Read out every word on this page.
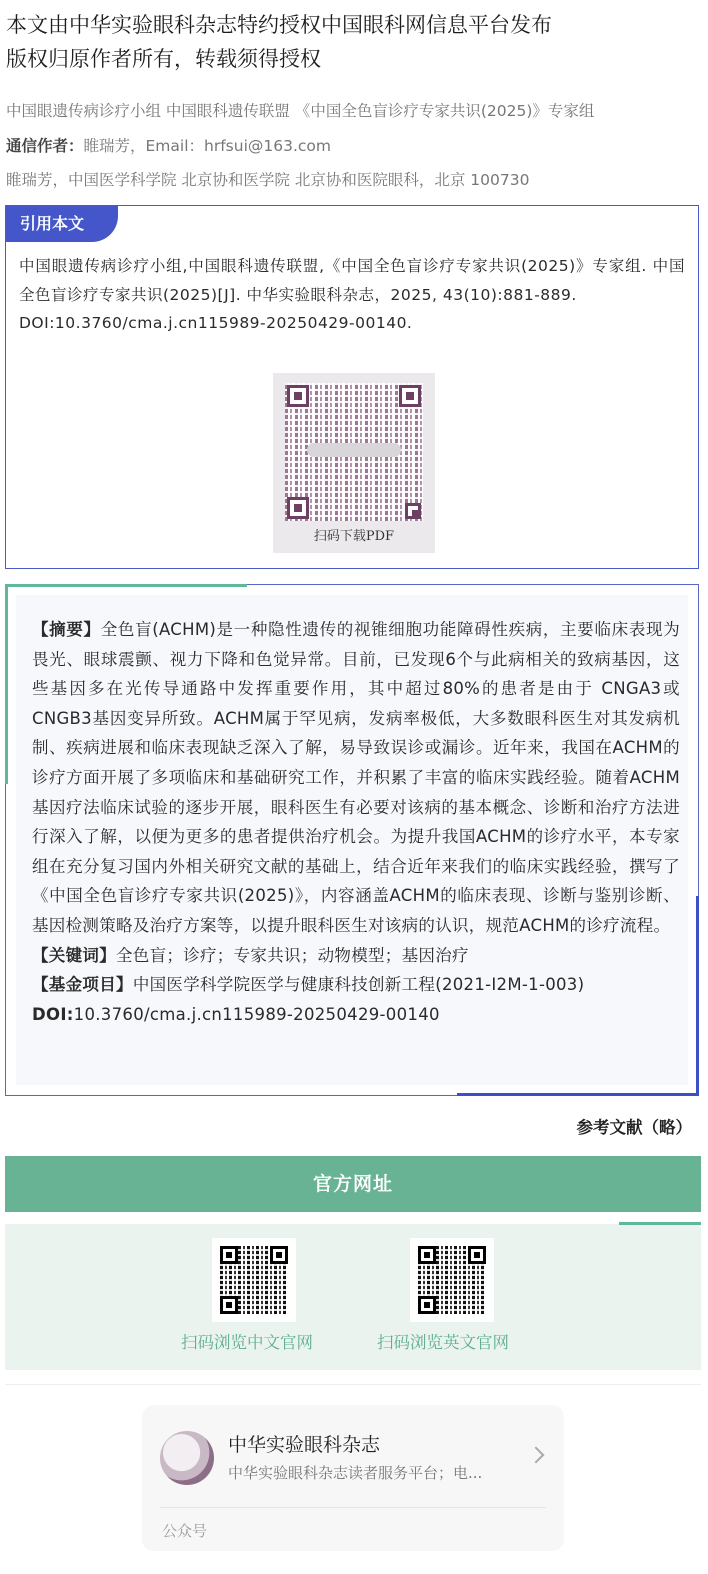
本文由中华实验眼科杂志特约授权中国眼科网信息平台发布
版权归原作者所有，转载须得授权
中国眼遗传病诊疗小组 中国眼科遗传联盟 《中国全色盲诊疗专家共识(2025)》专家组
通信作者：睢瑞芳，Email：hrfsui@163.com
睢瑞芳，中国医学科学院 北京协和医学院 北京协和医院眼科，北京 100730
引用本文

中国眼遗传病诊疗小组,中国眼科遗传联盟,《中国全色盲诊疗专家共识(2025)》专家组. 中国全色盲诊疗专家共识(2025)[J]. 中华实验眼科杂志，2025, 43(10):881-889.

DOI:10.3760/cma.j.cn115989-20250429-00140.

扫码下载PDF

【摘要】全色盲(ACHM)是一种隐性遗传的视锥细胞功能障碍性疾病，主要临床表现为畏光、眼球震颤、视力下降和色觉异常。目前，已发现6个与此病相关的致病基因，这些基因多在光传导通路中发挥重要作用，其中超过80%的患者是由于 CNGA3或 CNGB3基因变异所致。ACHM属于罕见病，发病率极低，大多数眼科医生对其发病机制、疾病进展和临床表现缺乏深入了解，易导致误诊或漏诊。近年来，我国在ACHM的诊疗方面开展了多项临床和基础研究工作，并积累了丰富的临床实践经验。随着ACHM基因疗法临床试验的逐步开展，眼科医生有必要对该病的基本概念、诊断和治疗方法进行深入了解，以便为更多的患者提供治疗机会。为提升我国ACHM的诊疗水平，本专家组在充分复习国内外相关研究文献的基础上，结合近年来我们的临床实践经验，撰写了《中国全色盲诊疗专家共识(2025)》，内容涵盖ACHM的临床表现、诊断与鉴别诊断、基因检测策略及治疗方案等，以提升眼科医生对该病的认识，规范ACHM的诊疗流程。

【关键词】全色盲；诊疗；专家共识；动物模型；基因治疗

【基金项目】中国医学科学院医学与健康科技创新工程(2021-I2M-1-003)

DOI:10.3760/cma.j.cn115989-20250429-00140

参考文献（略）
官方网址
扫码浏览中文官网	扫码浏览英文官网
中华实验眼科杂志
中华实验眼科杂志读者服务平台；电...
公众号
